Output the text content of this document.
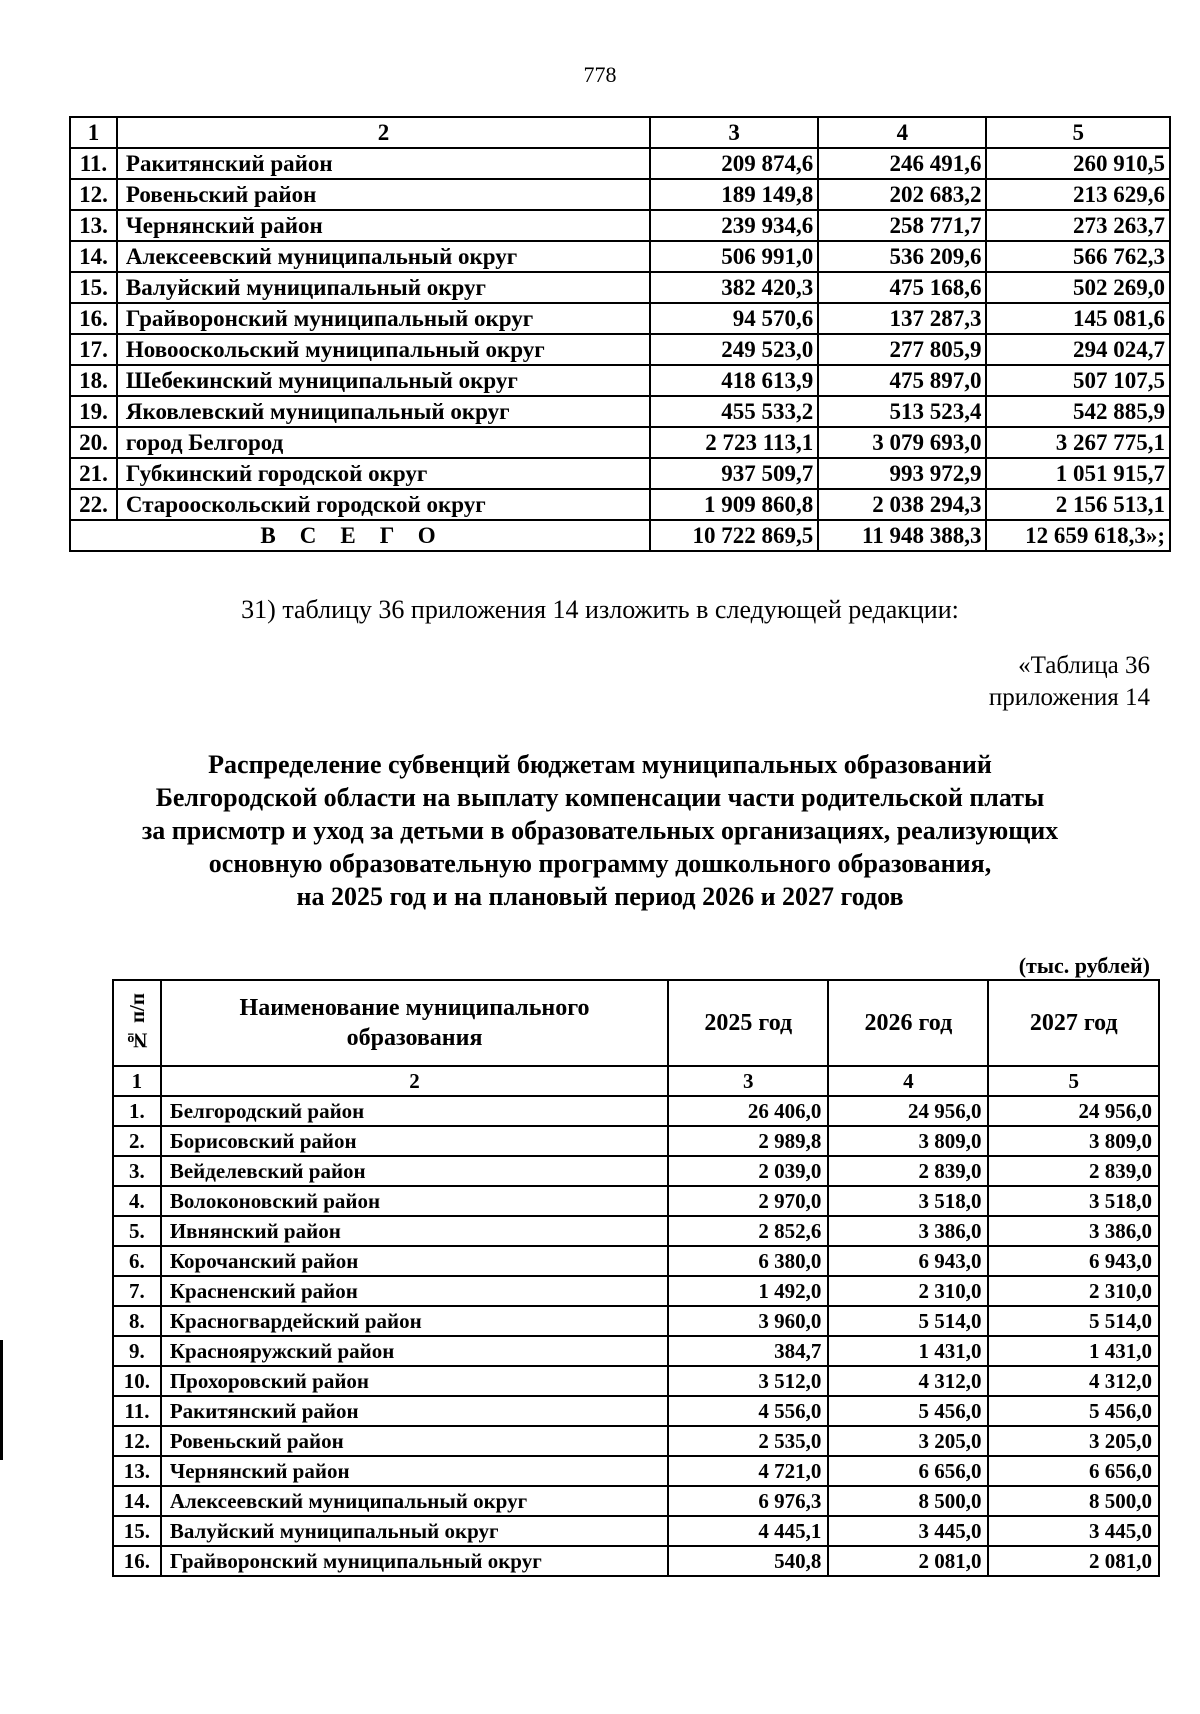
778
1	2	3	4	5
11.	Ракитянский район	209 874,6	246 491,6	260 910,5
12.	Ровеньский район	189 149,8	202 683,2	213 629,6
13.	Чернянский район	239 934,6	258 771,7	273 263,7
14.	Алексеевский муниципальный округ	506 991,0	536 209,6	566 762,3
15.	Валуйский муниципальный округ	382 420,3	475 168,6	502 269,0
16.	Грайворонский муниципальный округ	94 570,6	137 287,3	145 081,6
17.	Новооскольский муниципальный округ	249 523,0	277 805,9	294 024,7
18.	Шебекинский муниципальный округ	418 613,9	475 897,0	507 107,5
19.	Яковлевский муниципальный округ	455 533,2	513 523,4	542 885,9
20.	город Белгород	2 723 113,1	3 079 693,0	3 267 775,1
21.	Губкинский городской округ	937 509,7	993 972,9	1 051 915,7
22.	Старооскольский городской округ	1 909 860,8	2 038 294,3	2 156 513,1
ВСЕГО		10 722 869,5	11 948 388,3	12 659 618,3»;
31) таблицу 36 приложения 14 изложить в следующей редакции:
«Таблица 36
приложения 14
Распределение субвенций бюджетам муниципальных образований
Белгородской области на выплату компенсации части родительской платы
за присмотр и уход за детьми в образовательных организациях, реализующих
основную образовательную программу дошкольного образования,
на 2025 год и на плановый период 2026 и 2027 годов
(тыс. рублей)
№ п/п	Наименование муниципального образования	2025 год	2026 год	2027 год
1	2	3	4	5
1.	Белгородский район	26 406,0	24 956,0	24 956,0
2.	Борисовский район	2 989,8	3 809,0	3 809,0
3.	Вейделевский район	2 039,0	2 839,0	2 839,0
4.	Волоконовский район	2 970,0	3 518,0	3 518,0
5.	Ивнянский район	2 852,6	3 386,0	3 386,0
6.	Корочанский район	6 380,0	6 943,0	6 943,0
7.	Красненский район	1 492,0	2 310,0	2 310,0
8.	Красногвардейский район	3 960,0	5 514,0	5 514,0
9.	Краснояружский район	384,7	1 431,0	1 431,0
10.	Прохоровский район	3 512,0	4 312,0	4 312,0
11.	Ракитянский район	4 556,0	5 456,0	5 456,0
12.	Ровеньский район	2 535,0	3 205,0	3 205,0
13.	Чернянский район	4 721,0	6 656,0	6 656,0
14.	Алексеевский муниципальный округ	6 976,3	8 500,0	8 500,0
15.	Валуйский муниципальный округ	4 445,1	3 445,0	3 445,0
16.	Грайворонский муниципальный округ	540,8	2 081,0	2 081,0
